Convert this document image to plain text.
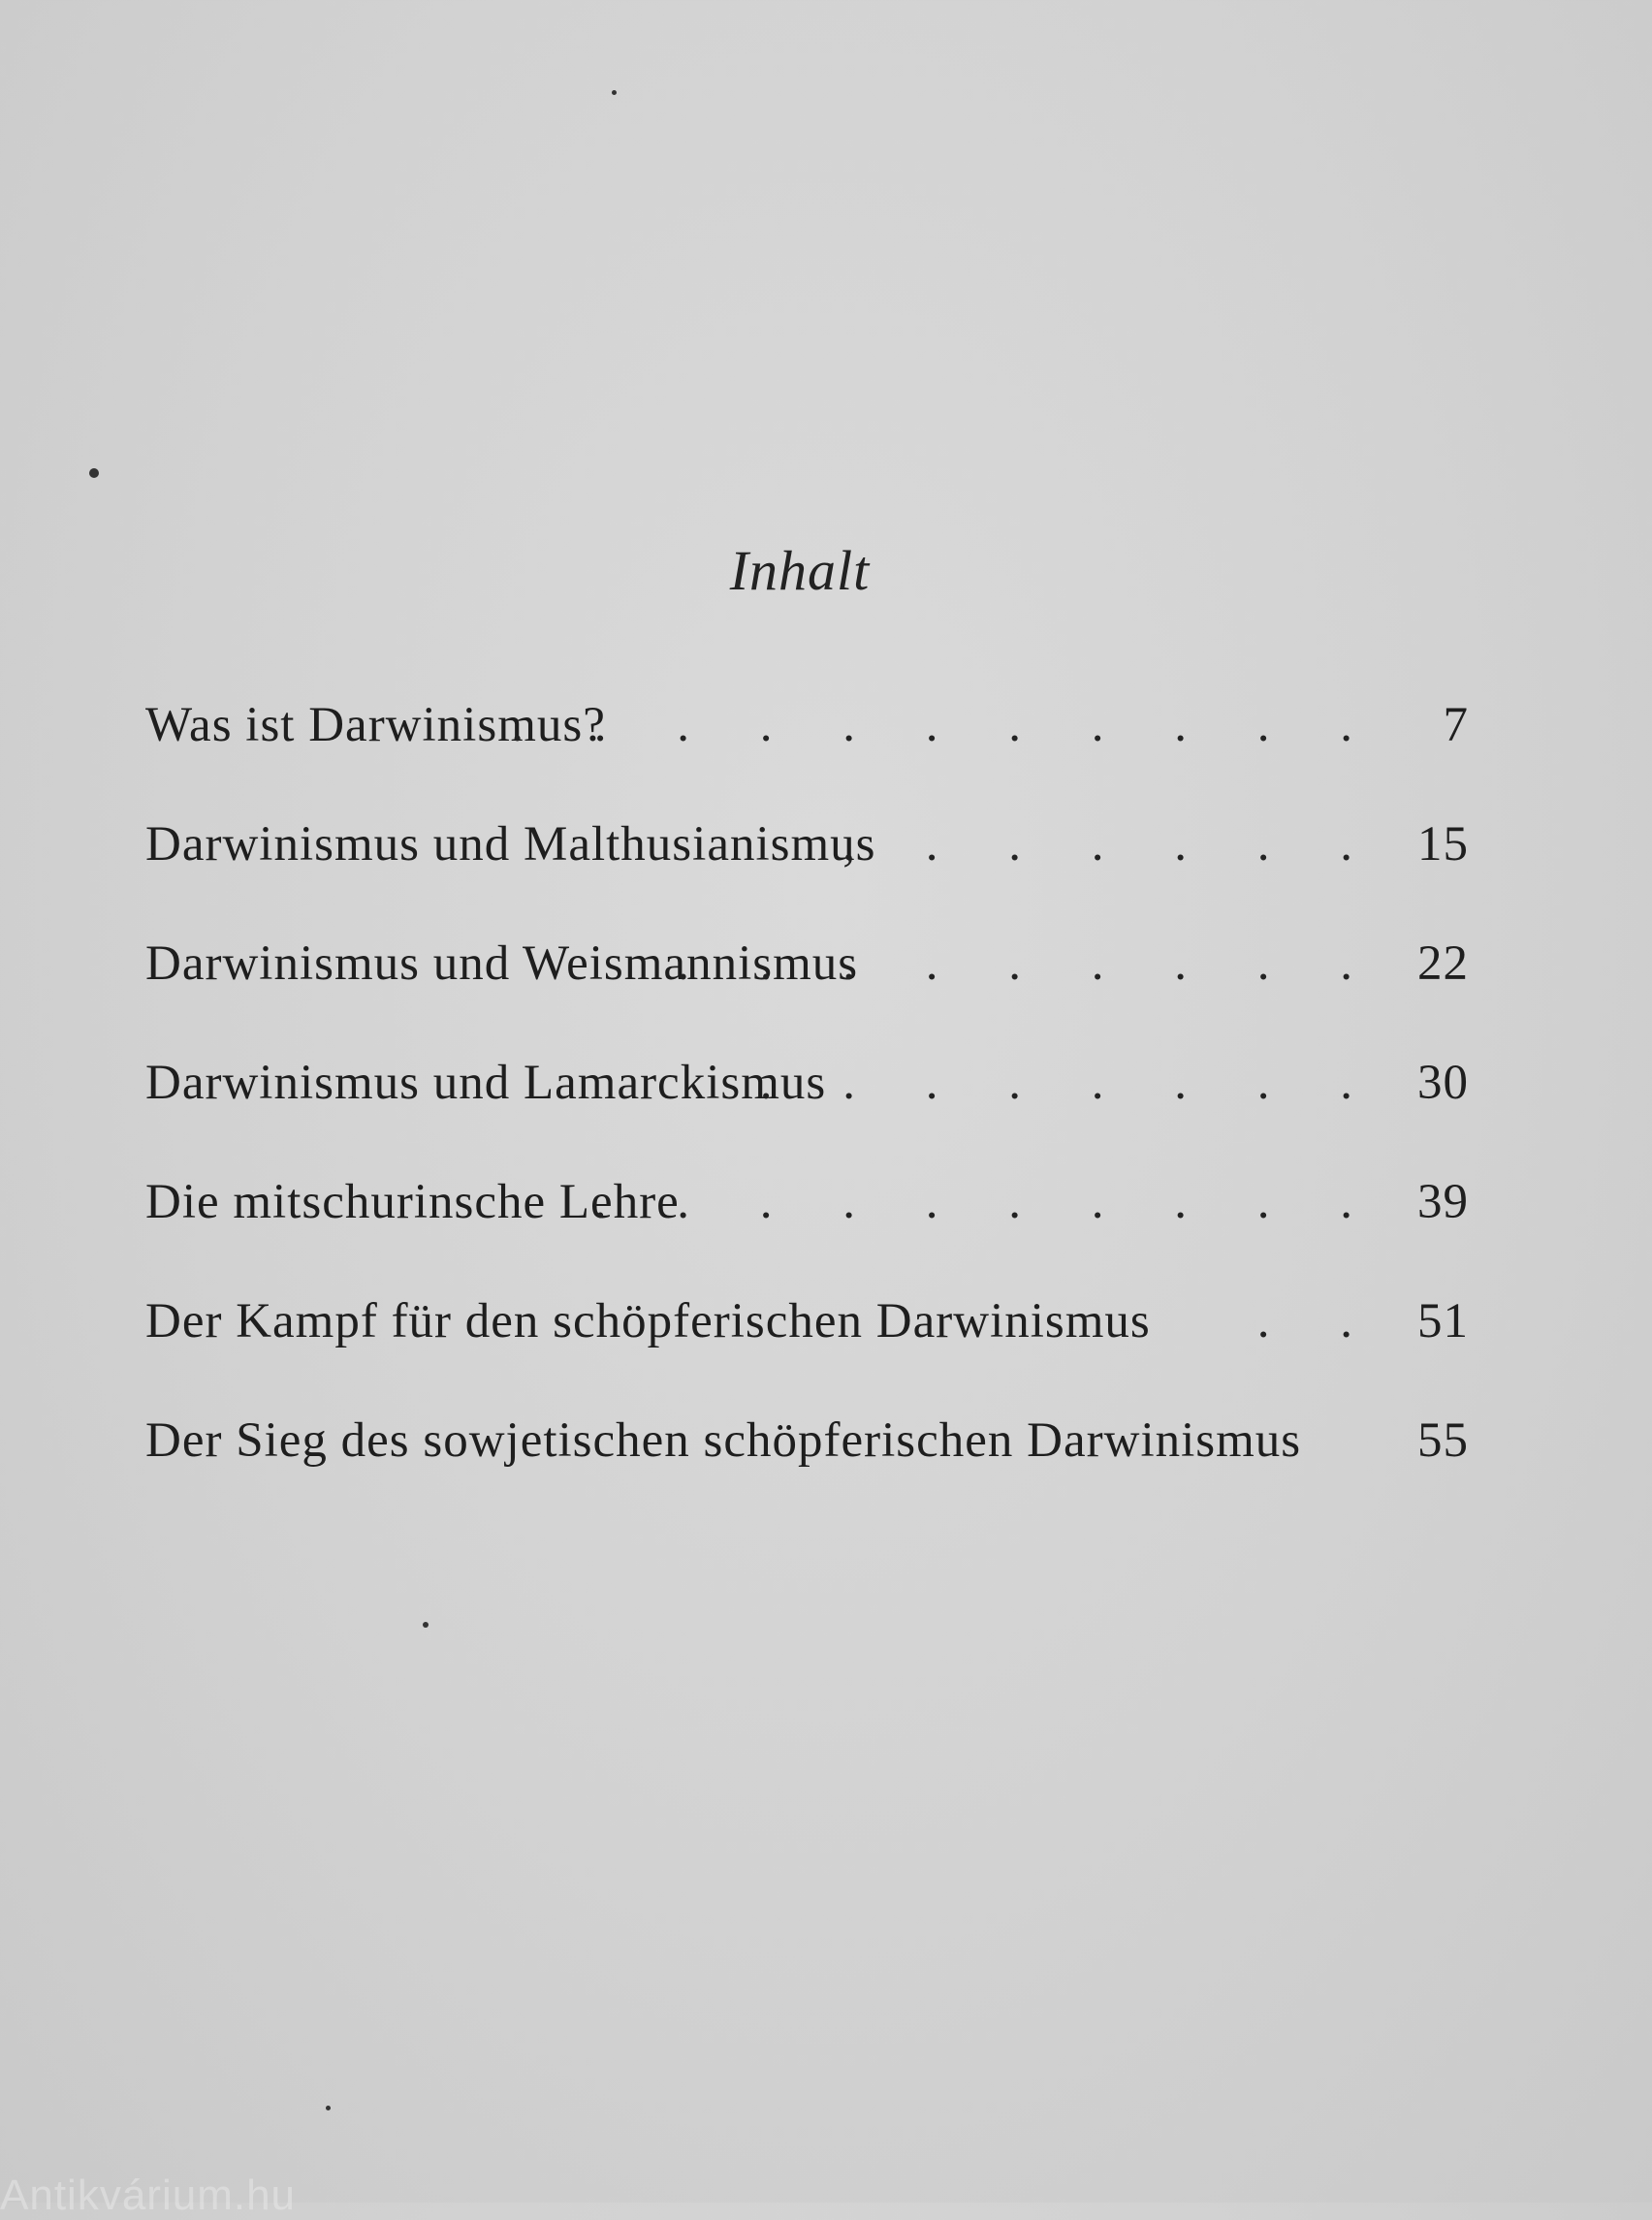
Inhalt
Was ist Darwinismus?
. . . . . . . . . . .	7
Darwinismus und Malthusianismus
, . . . . . . 15
Darwinismus und Weismannismus
. . . . . . . . . 22
Darwinismus und Lamarckismus
. . . . . . . . 30
Die mitschurinsche Lehre
. . . . . . . . . . 39
Der Kampf für den schöpferischen Darwinismus . . 51
Der Sieg des sowjetischen schöpferischen Darwinismus	55
Antikvárium.hu
